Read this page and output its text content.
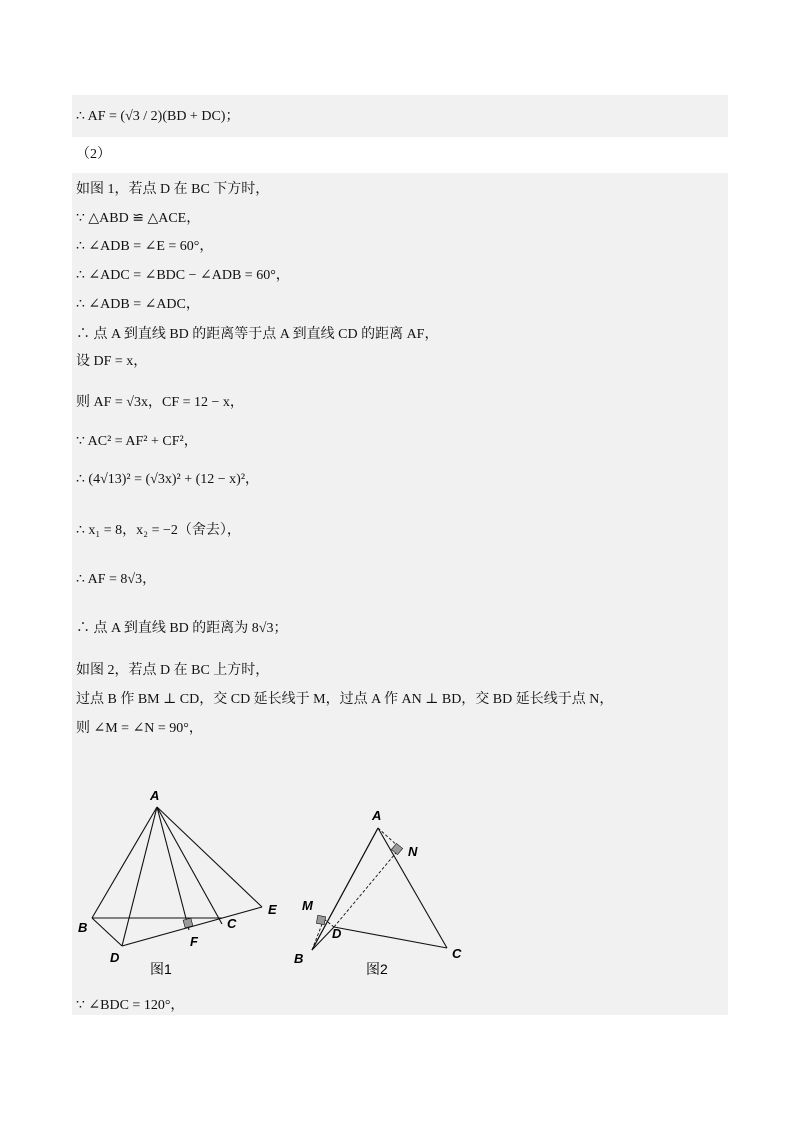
∴ AF = (√3 / 2)(BD + DC)；
（2）
如图 1，若点 D 在 BC 下方时，
∵ △ABD ≌ △ACE，
∴ ∠ADB = ∠E = 60°，
∴ ∠ADC = ∠BDC − ∠ADB = 60°，
∴ ∠ADB = ∠ADC，
∴ 点 A 到直线 BD 的距离等于点 A 到直线 CD 的距离 AF，
设 DF = x，
则 AF = √3x，CF = 12 − x，
∵ AC² = AF² + CF²，
∴ (4√13)² = (√3x)² + (12 − x)²，
∴ x₁ = 8，x₂ = −2（舍去），
∴ AF = 8√3，
∴ 点 A 到直线 BD 的距离为 8√3；
如图 2，若点 D 在 BC 上方时，
过点 B 作 BM ⊥ CD，交 CD 延长线于 M，过点 A 作 AN ⊥ BD，交 BD 延长线于点 N，
则 ∠M = ∠N = 90°，
∵ ∠BDC = 120°，
A
B	C
D
E
F
图1
A
N
M
D
B	C
图2
